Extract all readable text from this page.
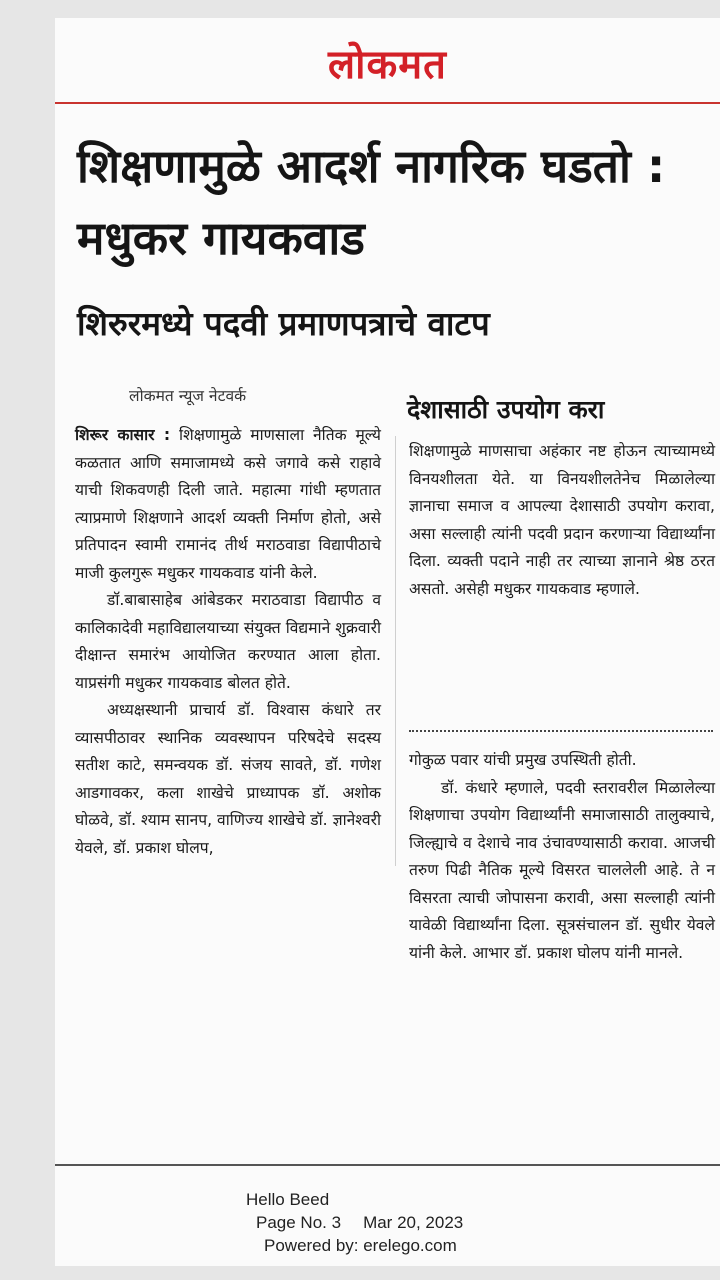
लोकमत
शिक्षणामुळे आदर्श नागरिक घडतो : मधुकर गायकवाड
शिरुरमध्ये पदवी प्रमाणपत्राचे वाटप
लोकमत न्यूज नेटवर्क	देशासाठी उपयोग करा

शिरूर कासार : शिक्षणामुळे माणसाला नैतिक मूल्ये कळतात आणि समाजामध्ये कसे जगावे कसे राहावे याची शिकवणही दिली जाते. महात्मा गांधी म्हणतात त्याप्रमाणे शिक्षणाने आदर्श व्यक्ती निर्माण होतो, असे प्रतिपादन स्वामी रामानंद तीर्थ मराठवाडा विद्यापीठाचे माजी कुलगुरू मधुकर गायकवाड यांनी केले.

डॉ.बाबासाहेब आंबेडकर मराठवाडा विद्यापीठ व कालिकादेवी महाविद्यालयाच्या संयुक्त विद्यमाने शुक्रवारी दीक्षान्त समारंभ आयोजित करण्यात आला होता. याप्रसंगी मधुकर गायकवाड बोलत होते.

अध्यक्षस्थानी प्राचार्य डॉ. विश्वास कंधारे तर व्यासपीठावर स्थानिक व्यवस्थापन परिषदेचे सदस्य सतीश काटे, समन्वयक डॉ. संजय सावते, डॉ. गणेश आडगावकर, कला शाखेचे प्राध्यापक डॉ. अशोक घोळवे, डॉ. श्याम सानप, वाणिज्य शाखेचे डॉ. ज्ञानेश्वरी येवले, डॉ. प्रकाश घोलप,

शिक्षणामुळे माणसाचा अहंकार नष्ट होऊन त्याच्यामध्ये विनयशीलता येते. या विनयशीलतेनेच मिळालेल्या ज्ञानाचा समाज व आपल्या देशासाठी उपयोग करावा, असा सल्लाही त्यांनी पदवी प्रदान करणाऱ्या विद्यार्थ्यांना दिला. व्यक्ती पदाने नाही तर त्याच्या ज्ञानाने श्रेष्ठ ठरत असतो. असेही मधुकर गायकवाड म्हणाले.

गोकुळ पवार यांची प्रमुख उपस्थिती होती.

डॉ. कंधारे म्हणाले, पदवी स्तरावरील मिळालेल्या शिक्षणाचा उपयोग विद्यार्थ्यांनी समाजासाठी तालुक्याचे, जिल्ह्याचे व देशाचे नाव उंचावण्यासाठी करावा. आजची तरुण पिढी नैतिक मूल्ये विसरत चाललेली आहे. ते न विसरता त्याची जोपासना करावी, असा सल्लाही त्यांनी यावेळी विद्यार्थ्यांना दिला. सूत्रसंचालन डॉ. सुधीर येवले यांनी केले. आभार डॉ. प्रकाश घोलप यांनी मानले.

Hello Beed
Page No. 3 Mar 20, 2023
Powered by: erelego.com
